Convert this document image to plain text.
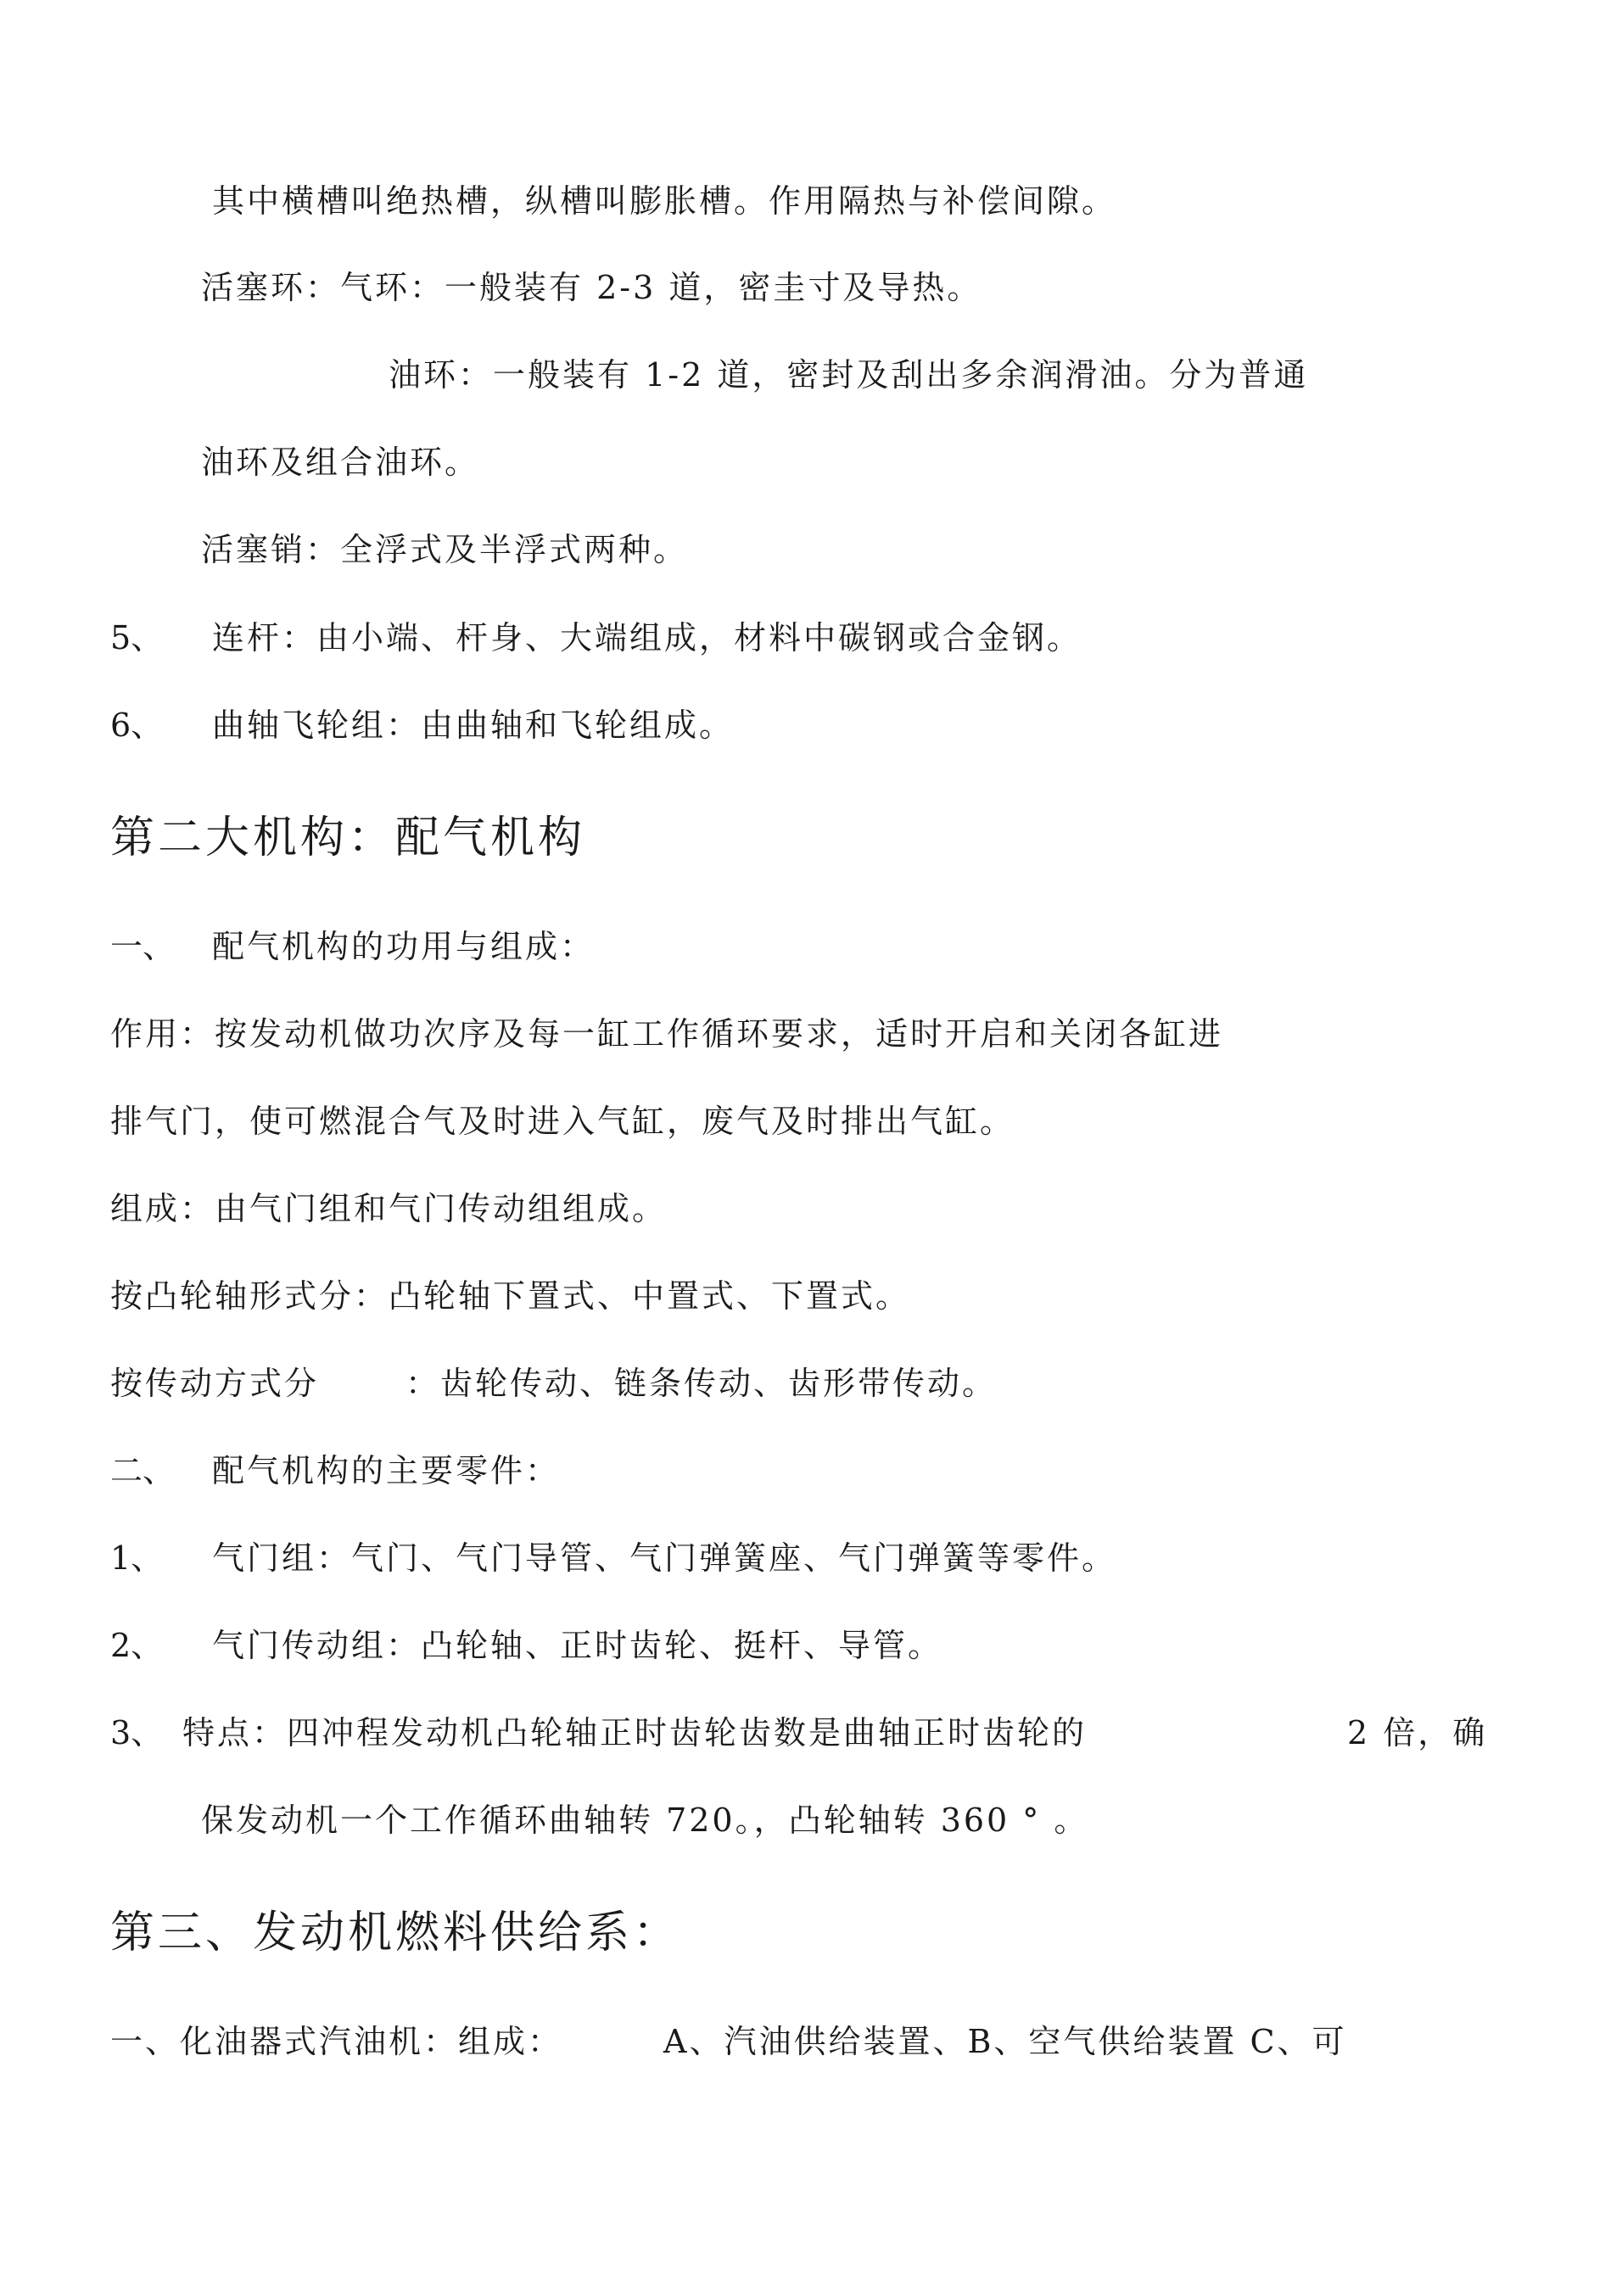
其中横槽叫绝热槽，纵槽叫膨胀槽。作用隔热与补偿间隙。
活塞环：气环：一般装有 2-3 道，密圭寸及导热。
油环：一般装有 1-2 道，密封及刮出多余润滑油。分为普通
油环及组合油环。
活塞销：全浮式及半浮式两种。
5、 连杆：由小端、杆身、大端组成，材料中碳钢或合金钢。
6、 曲轴飞轮组：由曲轴和飞轮组成。
第二大机构：配气机构
一、 配气机构的功用与组成：
作用：按发动机做功次序及每一缸工作循环要求，适时开启和关闭各缸进
排气门，使可燃混合气及时进入气缸，废气及时排出气缸。
组成：由气门组和气门传动组组成。
按凸轮轴形式分：凸轮轴下置式、中置式、下置式。
按传动方式分	：齿轮传动、链条传动、齿形带传动。
二、 配气机构的主要零件：
1、 气门组：气门、气门导管、气门弹簧座、气门弹簧等零件。
2、 气门传动组：凸轮轴、正时齿轮、挺杆、导管。
3、 特点：四冲程发动机凸轮轴正时齿轮齿数是曲轴正时齿轮的	2 倍，确
保发动机一个工作循环曲轴转 720。，凸轮轴转 360 ° 。
第三、发动机燃料供给系：
一、化油器式汽油机：组成：	A、汽油供给装置、B、空气供给装置 C、可
